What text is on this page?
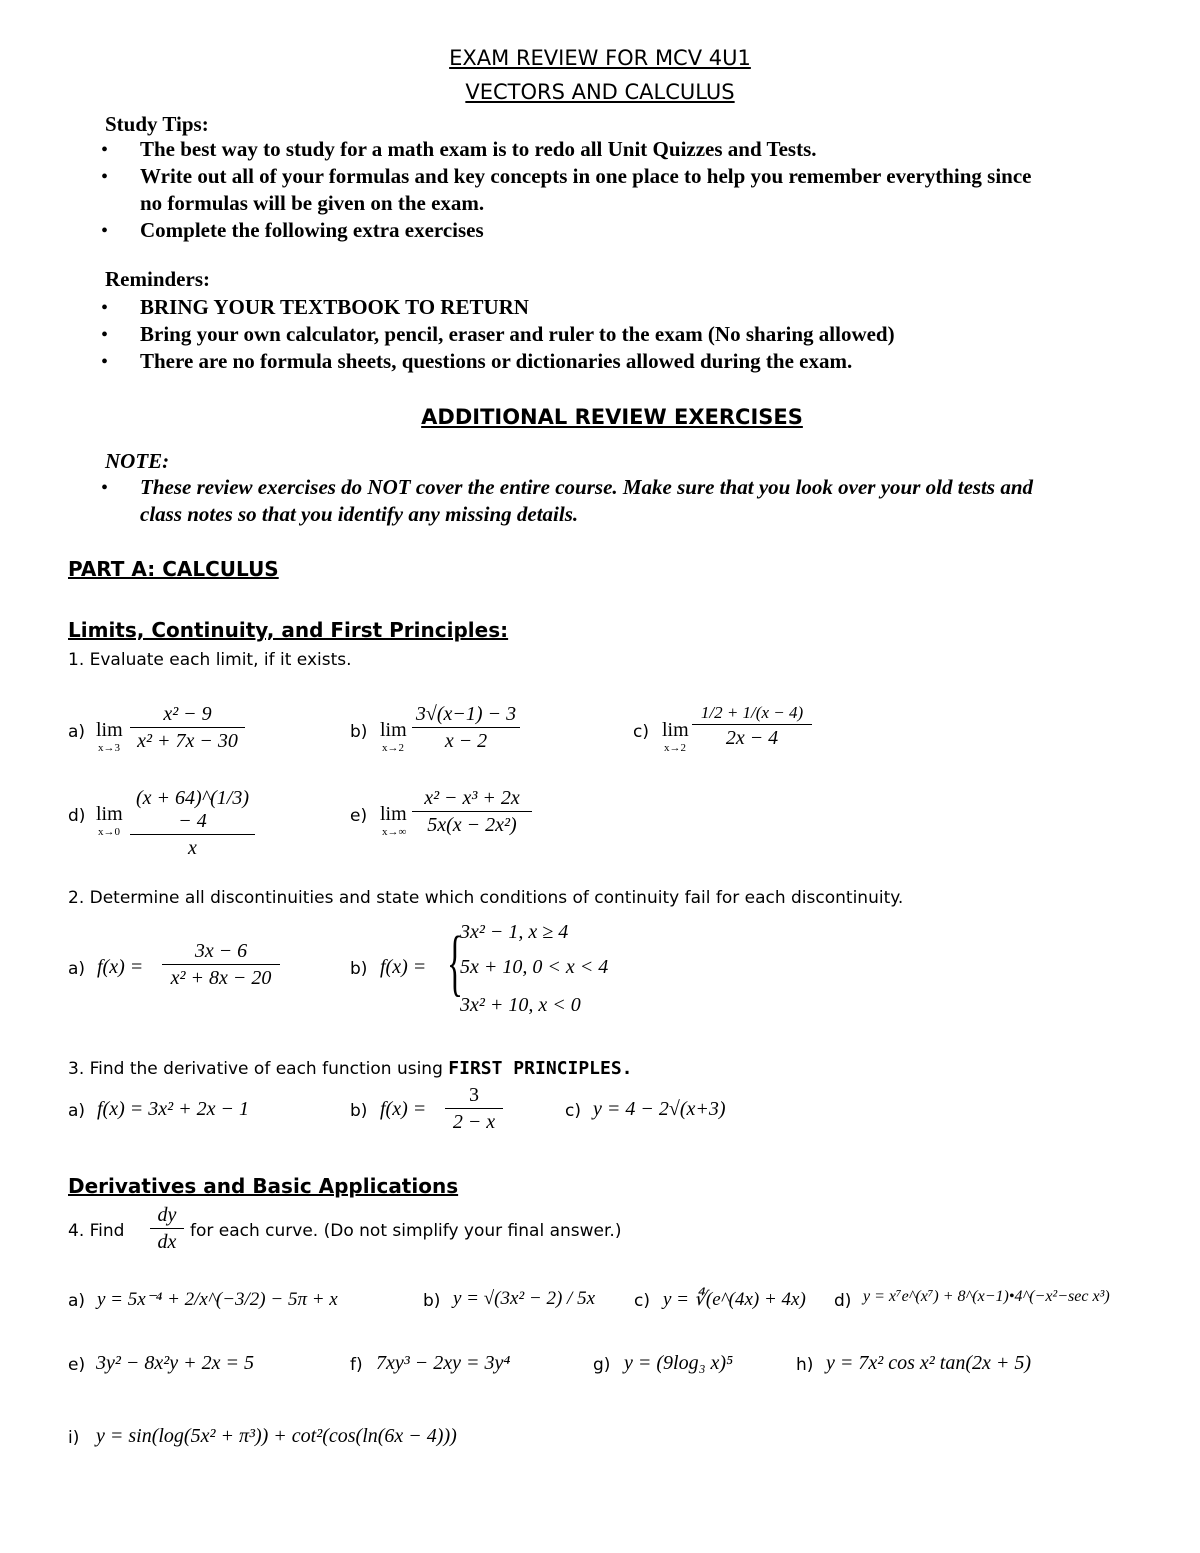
EXAM REVIEW FOR MCV 4U1
VECTORS AND CALCULUS
Study Tips:
• The best way to study for a math exam is to redo all Unit Quizzes and Tests.
• Write out all of your formulas and key concepts in one place to help you remember everything since
no formulas will be given on the exam.
• Complete the following extra exercises
Reminders:
• BRING YOUR TEXTBOOK TO RETURN
• Bring your own calculator, pencil, eraser and ruler to the exam (No sharing allowed)
• There are no formula sheets, questions or dictionaries allowed during the exam.
ADDITIONAL REVIEW EXERCISES
NOTE:
• These review exercises do NOT cover the entire course. Make sure that you look over your old tests and
class notes so that you identify any missing details.
PART A: CALCULUS
Limits, Continuity, and First Principles:
1. Evaluate each limit, if it exists.
a) lim
$x\to 3 \frac{\text{x² − 9}}{\text{x² + 7x − 30}}$	b) lim
$x\to 2 \frac{3√(x-1) - 3}{x - 2}$	c) lim
x→2
1/2 + 1/(x − 4)
2x − 4
d) lim
$x\to 0 \frac{(x + 64)\^{}(1/3) - 4}{x}$	e) lim
$x\to\infty \frac{\text{x² − x³ + 2x}}{\text{5x(x − 2x²)}}$
2. Determine all discontinuities and state which conditions of continuity fail for each discontinuity.
a) $f(x) = \frac{3x - 6}{\text{x² + 8x − 20}}$	b) f(x) = {
3x² − 1, x ≥ 4
5x + 10, 0 < x < 4
3x² + 10, x < 0
3. Find the derivative of each function using FIRST PRINCIPLES.
a) f(x) = 3x² + 2x − 1	b) $f(x) = \frac{3}{2 - x}$	c) y = 4 − 2√(x+3)
Derivatives and Basic Applications
4. Find $\frac{dy}{dx}$ for each curve. (Do not simplify your final answer.)
a) y = 5x⁻⁴ + 2/x^(−3/2) − 5π + x	b) y = √(3x² − 2) / 5x c) y = ∜(e^(4x) + 4x) d) y = x⁷e^(x⁷) + 8^(x−1)•4^(−x²−sec x³)
e) 3y² − 8x²y + 2x = 5	f) 7xy³ − 2xy = 3y⁴	g) y = (9log₃ x)⁵	h) y = 7x² cos x² tan(2x + 5)
i) y = sin(log(5x² + π³)) + cot²(cos(ln(6x − 4)))
